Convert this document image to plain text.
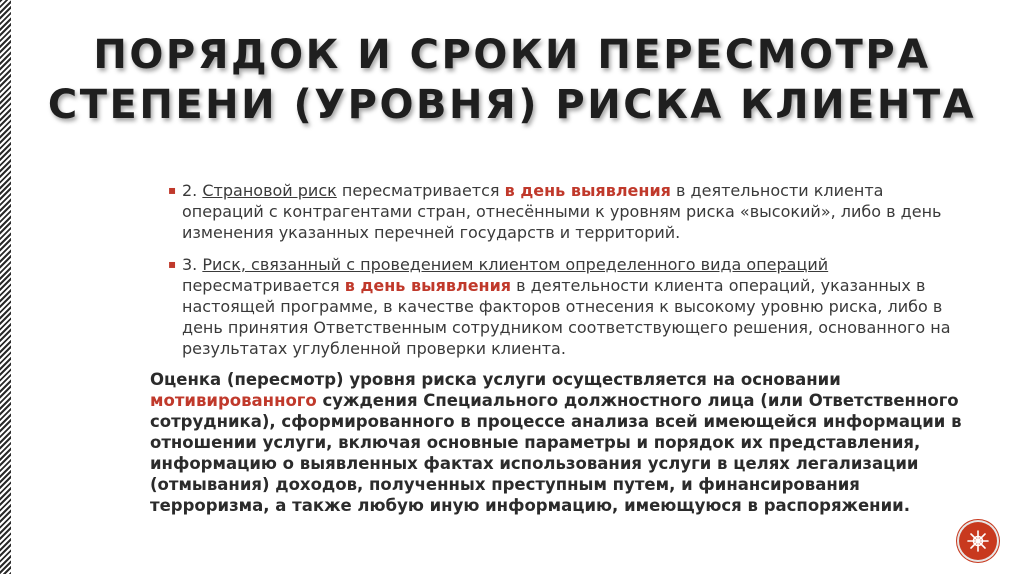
ПОРЯДОК И СРОКИ ПЕРЕСМОТРА
СТЕПЕНИ (УРОВНЯ) РИСКА КЛИЕНТА
▪ 2. Страновой риск пересматривается в день выявления в деятельности клиента операций с контрагентами стран, отнесёнными к уровням риска «высокий», либо в день изменения указанных перечней государств и территорий.
▪ 3. Риск, связанный с проведением клиентом определенного вида операций пересматривается в день выявления в деятельности клиента операций, указанных в настоящей программе, в качестве факторов отнесения к высокому уровню риска, либо в день принятия Ответственным сотрудником соответствующего решения, основанного на результатах углубленной проверки клиента.
Оценка (пересмотр) уровня риска услуги осуществляется на основании мотивированного суждения Специального должностного лица (или Ответственного сотрудника), сформированного в процессе анализа всей имеющейся информации в отношении услуги, включая основные параметры и порядок их представления, информацию о выявленных фактах использования услуги в целях легализации (отмывания) доходов, полученных преступным путем, и финансирования терроризма, а также любую иную информацию, имеющуюся в распоряжении.
